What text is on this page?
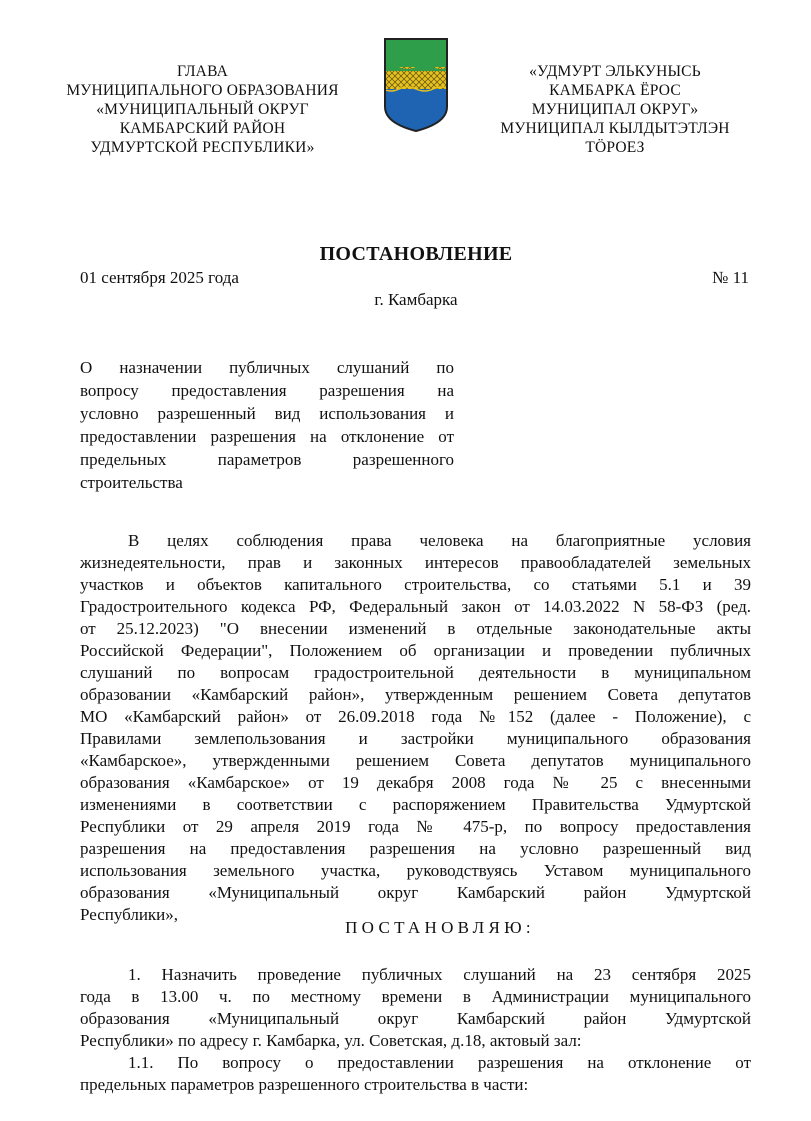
ГЛАВА
МУНИЦИПАЛЬНОГО ОБРАЗОВАНИЯ
«МУНИЦИПАЛЬНЫЙ ОКРУГ
КАМБАРСКИЙ РАЙОН
УДМУРТСКОЙ РЕСПУБЛИКИ»
«УДМУРТ ЭЛЬКУНЫСЬ
КАМБАРКА ЁРОС
МУНИЦИПАЛ ОКРУГ»
МУНИЦИПАЛ КЫЛДЫТЭТЛЭН
ТÖРОЕЗ
ПОСТАНОВЛЕНИЕ
01 сентября 2025 года	№ 11
г. Камбарка
О назначении публичных слушаний по
вопросу предоставления разрешения на
условно разрешенный вид использования и
предоставлении разрешения на отклонение от
предельных параметров разрешенного
строительства
В целях соблюдения права человека на благоприятные условия
жизнедеятельности, прав и законных интересов правообладателей земельных
участков и объектов капитального строительства, со статьями 5.1 и 39
Градостроительного кодекса РФ, Федеральный закон от 14.03.2022 N 58-ФЗ (ред.
от 25.12.2023) "О внесении изменений в отдельные законодательные акты
Российской Федерации", Положением об организации и проведении публичных
слушаний по вопросам градостроительной деятельности в муниципальном
образовании «Камбарский район», утвержденным решением Совета депутатов
МО «Камбарский район» от 26.09.2018 года №152 (далее - Положение), с
Правилами землепользования и застройки муниципального образования
«Камбарское», утвержденными решением Совета депутатов муниципального
образования «Камбарское» от 19 декабря 2008 года № 25 с внесенными
изменениями в соответствии с распоряжением Правительства Удмуртской
Республики от 29 апреля 2019 года № 475-р, по вопросу предоставления
разрешения на предоставления разрешения на условно разрешенный вид
использования земельного участка, руководствуясь Уставом муниципального
образования «Муниципальный округ Камбарский район Удмуртской
Республики»,
ПОСТАНОВЛЯЮ:
1. Назначить проведение публичных слушаний на 23 сентября 2025
года в 13.00 ч. по местному времени в Администрации муниципального
образования «Муниципальный округ Камбарский район Удмуртской
Республики» по адресу г. Камбарка, ул. Советская, д.18, актовый зал:
1.1. По вопросу о предоставлении разрешения на отклонение от
предельных параметров разрешенного строительства в части:
